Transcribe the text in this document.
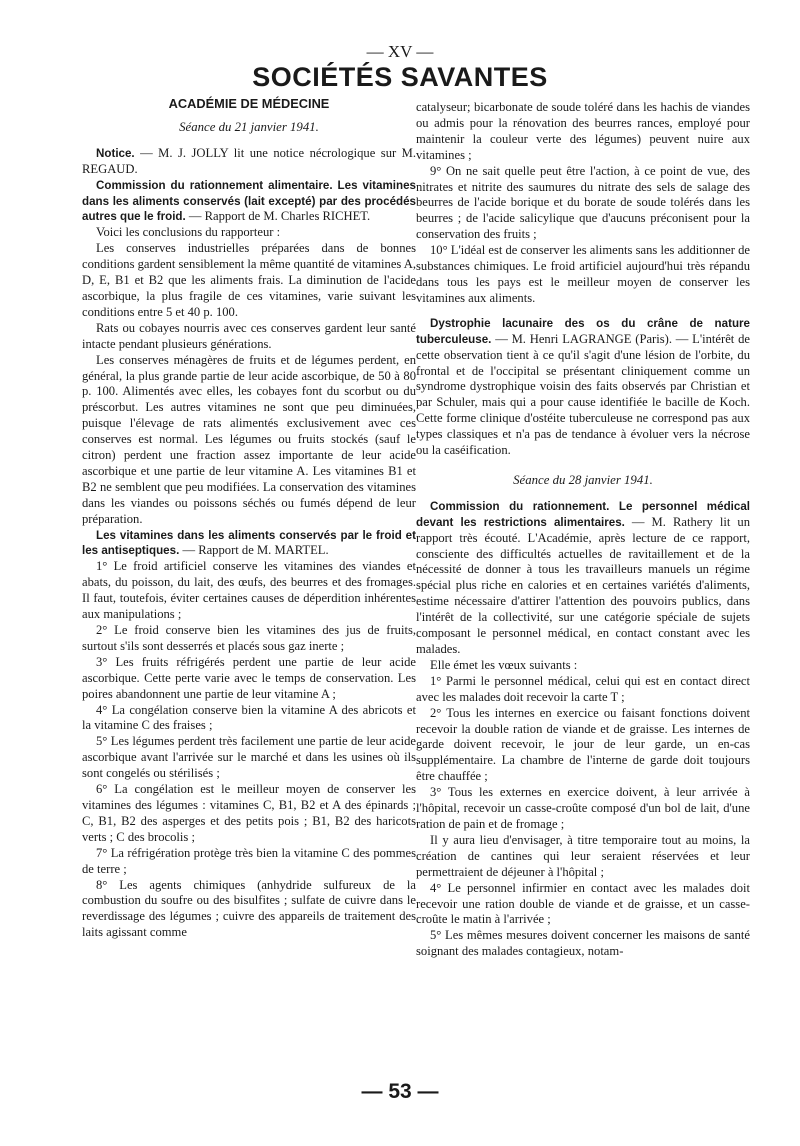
— XV —
SOCIÉTÉS SAVANTES
ACADÉMIE DE MÉDECINE
Séance du 21 janvier 1941.

Notice. — M. J. JOLLY lit une notice nécrologique sur M. REGAUD.

Commission du rationnement alimentaire. Les vitamines dans les aliments conservés (lait excepté) par des procédés autres que le froid. — Rapport de M. Charles RICHET.

Voici les conclusions du rapporteur :

Les conserves industrielles préparées dans de bonnes conditions gardent sensiblement la même quantité de vitamines A, D, E, B1 et B2 que les aliments frais. La diminution de l'acide ascorbique, la plus fragile de ces vitamines, varie suivant les conditions entre 5 et 40 p. 100.

Rats ou cobayes nourris avec ces conserves gardent leur santé intacte pendant plusieurs générations.

Les conserves ménagères de fruits et de légumes perdent, en général, la plus grande partie de leur acide ascorbique, de 50 à 80 p. 100. Alimentés avec elles, les cobayes font du scorbut ou du préscorbut. Les autres vitamines ne sont que peu diminuées, puisque l'élevage de rats alimentés exclusivement avec ces conserves est normal. Les légumes ou fruits stockés (sauf le citron) perdent une fraction assez importante de leur acide ascorbique et une partie de leur vitamine A. Les vitamines B1 et B2 ne semblent que peu modifiées. La conservation des vitamines dans les viandes ou poissons séchés ou fumés dépend de leur préparation.

Les vitamines dans les aliments conservés par le froid et les antiseptiques. — Rapport de M. MARTEL.

1° Le froid artificiel conserve les vitamines des viandes et abats, du poisson, du lait, des œufs, des beurres et des fromages. Il faut, toutefois, éviter certaines causes de déperdition inhérentes aux manipulations ;

2° Le froid conserve bien les vitamines des jus de fruits, surtout s'ils sont desserrés et placés sous gaz inerte ;

3° Les fruits réfrigérés perdent une partie de leur acide ascorbique. Cette perte varie avec le temps de conservation. Les poires abandonnent une partie de leur vitamine A ;

4° La congélation conserve bien la vitamine A des abricots et la vitamine C des fraises ;

5° Les légumes perdent très facilement une partie de leur acide ascorbique avant l'arrivée sur le marché et dans les usines où ils sont congelés ou stérilisés ;

6° La congélation est le meilleur moyen de conserver les vitamines des légumes : vitamines C, B1, B2 et A des épinards ; C, B1, B2 des asperges et des petits pois ; B1, B2 des haricots verts ; C des brocolis ;

7° La réfrigération protège très bien la vitamine C des pommes de terre ;

8° Les agents chimiques (anhydride sulfureux de la combustion du soufre ou des bisulfites ; sulfate de cuivre dans le reverdissage des légumes ; cuivre des appareils de traitement des laits agissant comme

catalyseur; bicarbonate de soude toléré dans les hachis de viandes ou admis pour la rénovation des beurres rances, employé pour maintenir la couleur verte des légumes) peuvent nuire aux vitamines ;

9° On ne sait quelle peut être l'action, à ce point de vue, des nitrates et nitrite des saumures du nitrate des sels de salage des beurres de l'acide borique et du borate de soude tolérés dans les beurres ; de l'acide salicylique que d'aucuns préconisent pour la conservation des fruits ;

10° L'idéal est de conserver les aliments sans les additionner de substances chimiques. Le froid artificiel aujourd'hui très répandu dans tous les pays est le meilleur moyen de conserver les vitamines aux aliments.

Dystrophie lacunaire des os du crâne de nature tuberculeuse. — M. Henri LAGRANGE (Paris). — L'intérêt de cette observation tient à ce qu'il s'agit d'une lésion de l'orbite, du frontal et de l'occipital se présentant cliniquement comme un syndrome dystrophique voisin des faits observés par Christian et par Schuler, mais qui a pour cause identifiée le bacille de Koch. Cette forme clinique d'ostéite tuberculeuse ne correspond pas aux types classiques et n'a pas de tendance à évoluer vers la nécrose ou la caséification.

Séance du 28 janvier 1941.

Commission du rationnement. Le personnel médical devant les restrictions alimentaires. — M. Rathery lit un rapport très écouté. L'Académie, après lecture de ce rapport, consciente des difficultés actuelles de ravitaillement et de la nécessité de donner à tous les travailleurs manuels un régime spécial plus riche en calories et en certaines variétés d'aliments, estime nécessaire d'attirer l'attention des pouvoirs publics, dans l'intérêt de la collectivité, sur une catégorie spéciale de sujets composant le personnel médical, en contact constant avec les malades.

Elle émet les vœux suivants :

1° Parmi le personnel médical, celui qui est en contact direct avec les malades doit recevoir la carte T ;

2° Tous les internes en exercice ou faisant fonctions doivent recevoir la double ration de viande et de graisse. Les internes de garde doivent recevoir, le jour de leur garde, un en-cas supplémentaire. La chambre de l'interne de garde doit toujours être chauffée ;

3° Tous les externes en exercice doivent, à leur arrivée à l'hôpital, recevoir un casse-croûte composé d'un bol de lait, d'une ration de pain et de fromage ;

Il y aura lieu d'envisager, à titre temporaire tout au moins, la création de cantines qui leur seraient réservées et leur permettraient de déjeuner à l'hôpital ;

4° Le personnel infirmier en contact avec les malades doit recevoir une ration double de viande et de graisse, et un casse-croûte le matin à l'arrivée ;

5° Les mêmes mesures doivent concerner les maisons de santé soignant des malades contagieux, notam-

— 53 —
